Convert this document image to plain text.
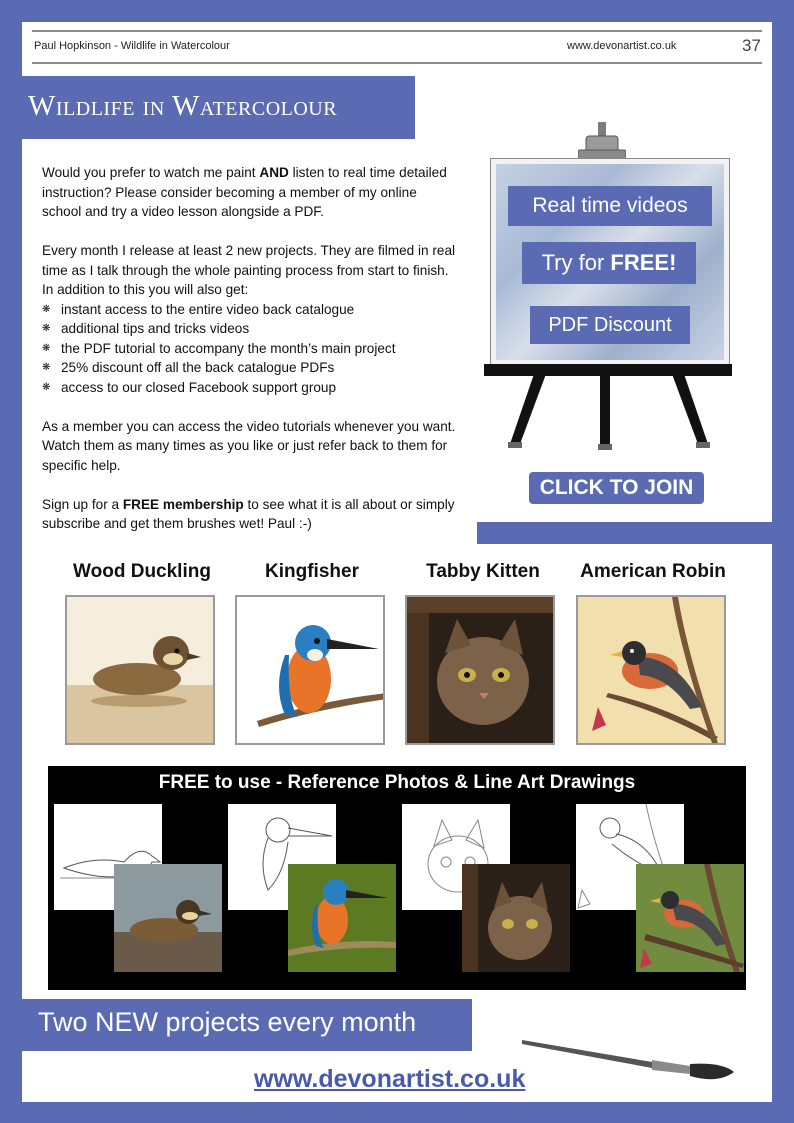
Paul Hopkinson - Wildlife in Watercolour	www.devonartist.co.uk	37
Wildlife in Watercolour

Would you prefer to watch me paint AND listen to real time detailed instruction? Please consider becoming a member of my online school and try a video lesson alongside a PDF.

Every month I release at least 2 new projects. They are filmed in real time as I talk through the whole painting process from start to finish. In addition to this you will also get:

❋ instant access to the entire video back catalogue
❋ additional tips and tricks videos
❋ the PDF tutorial to accompany the month’s main project
❋ 25% discount off all the back catalogue PDFs
❋ access to our closed Facebook support group

As a member you can access the video tutorials whenever you want. Watch them as many times as you like or just refer back to them for specific help.

Sign up for a FREE membership to see what it is all about or simply subscribe and get them brushes wet! Paul :-)

Real time videos
Try for FREE!
PDF Discount
CLICK TO JOIN
Wood Duckling	Kingfisher	Tabby Kitten	American Robin
FREE to use - Reference Photos & Line Art Drawings
Two NEW projects every month
www.devonartist.co.uk
